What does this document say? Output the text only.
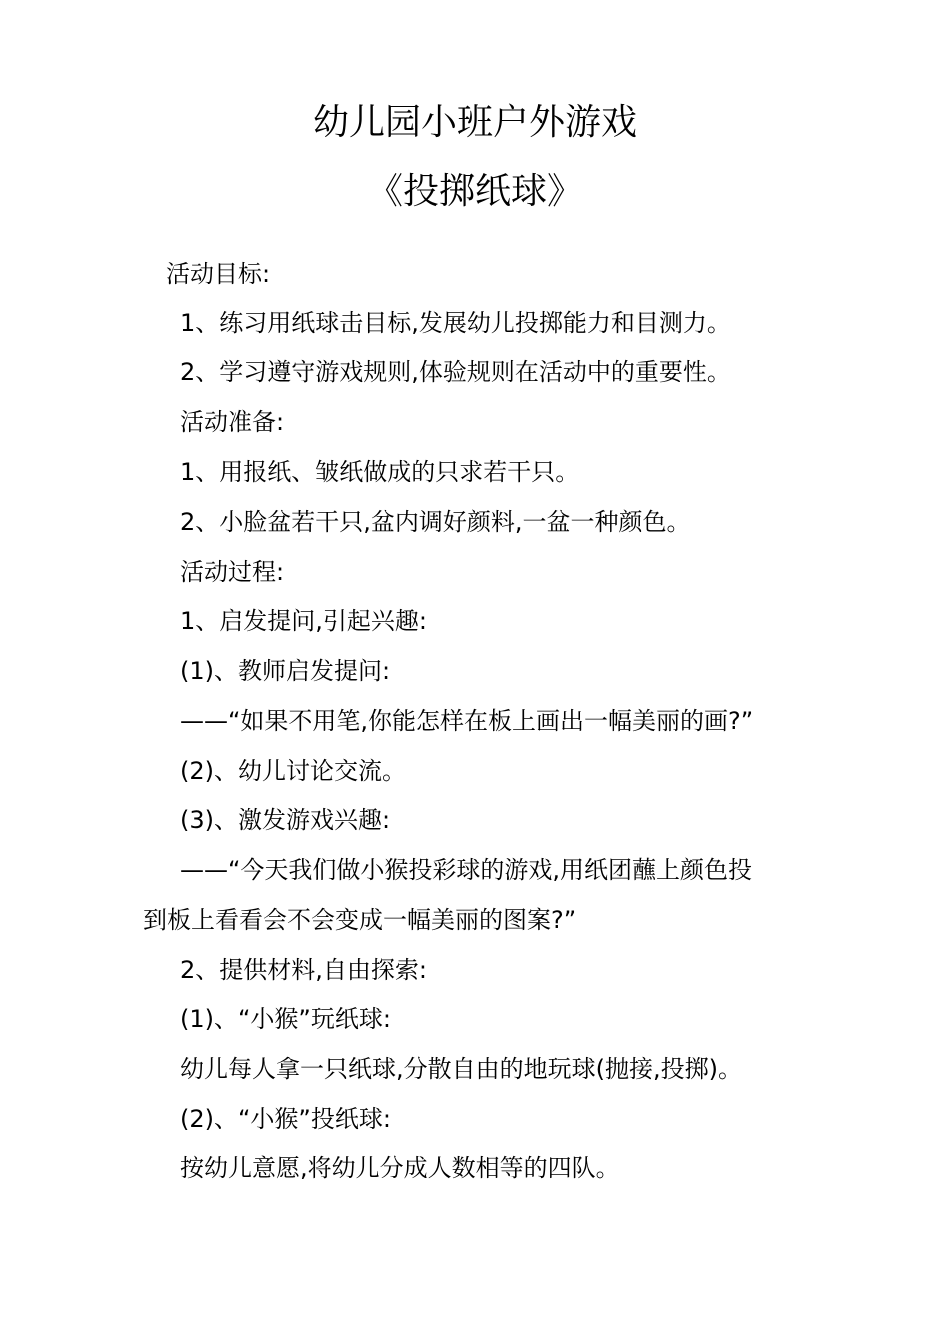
幼儿园小班户外游戏
《投掷纸球》

活动目标:

1、练习用纸球击目标,发展幼儿投掷能力和目测力。

2、学习遵守游戏规则,体验规则在活动中的重要性。

活动准备:

1、用报纸、皱纸做成的只求若干只。

2、小脸盆若干只,盆内调好颜料,一盆一种颜色。

活动过程:

1、启发提问,引起兴趣:

(1)、教师启发提问:

——“如果不用笔,你能怎样在板上画出一幅美丽的画?”

(2)、幼儿讨论交流。

(3)、激发游戏兴趣:

——“今天我们做小猴投彩球的游戏,用纸团蘸上颜色投

到板上看看会不会变成一幅美丽的图案?”

2、提供材料,自由探索:

(1)、“小猴”玩纸球:

幼儿每人拿一只纸球,分散自由的地玩球(抛接,投掷)。

(2)、“小猴”投纸球:

按幼儿意愿,将幼儿分成人数相等的四队。
